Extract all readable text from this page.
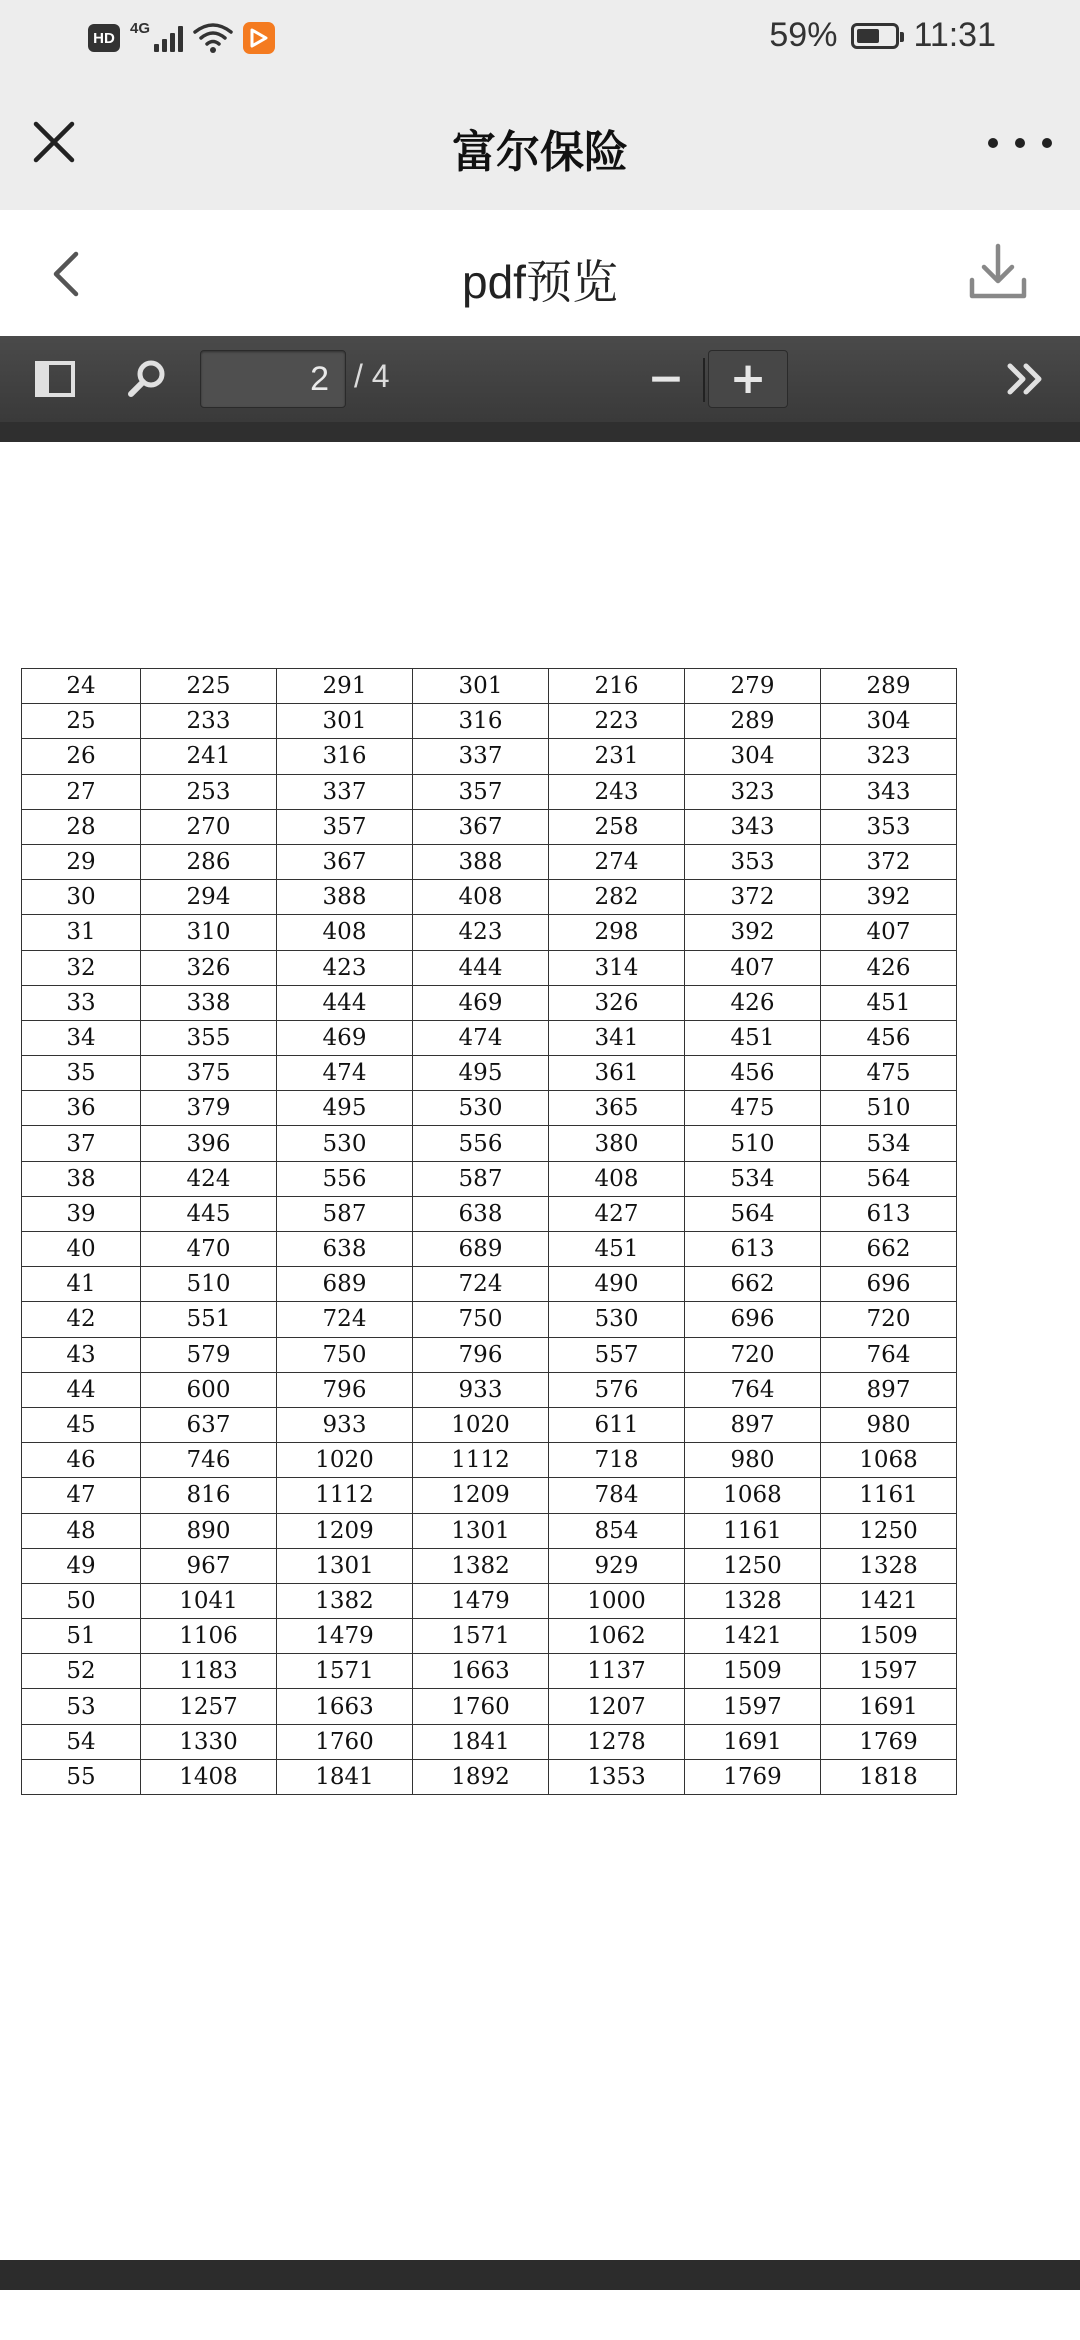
HD
4G	59% 11:31
富尔保险
pdf预览
2 / 4	− +
24	225	291	301	216	279	289
25	233	301	316	223	289	304
26	241	316	337	231	304	323
27	253	337	357	243	323	343
28	270	357	367	258	343	353
29	286	367	388	274	353	372
30	294	388	408	282	372	392
31	310	408	423	298	392	407
32	326	423	444	314	407	426
33	338	444	469	326	426	451
34	355	469	474	341	451	456
35	375	474	495	361	456	475
36	379	495	530	365	475	510
37	396	530	556	380	510	534
38	424	556	587	408	534	564
39	445	587	638	427	564	613
40	470	638	689	451	613	662
41	510	689	724	490	662	696
42	551	724	750	530	696	720
43	579	750	796	557	720	764
44	600	796	933	576	764	897
45	637	933	1020	611	897	980
46	746	1020	1112	718	980	1068
47	816	1112	1209	784	1068	1161
48	890	1209	1301	854	1161	1250
49	967	1301	1382	929	1250	1328
50	1041	1382	1479	1000	1328	1421
51	1106	1479	1571	1062	1421	1509
52	1183	1571	1663	1137	1509	1597
53	1257	1663	1760	1207	1597	1691
54	1330	1760	1841	1278	1691	1769
55	1408	1841	1892	1353	1769	1818
